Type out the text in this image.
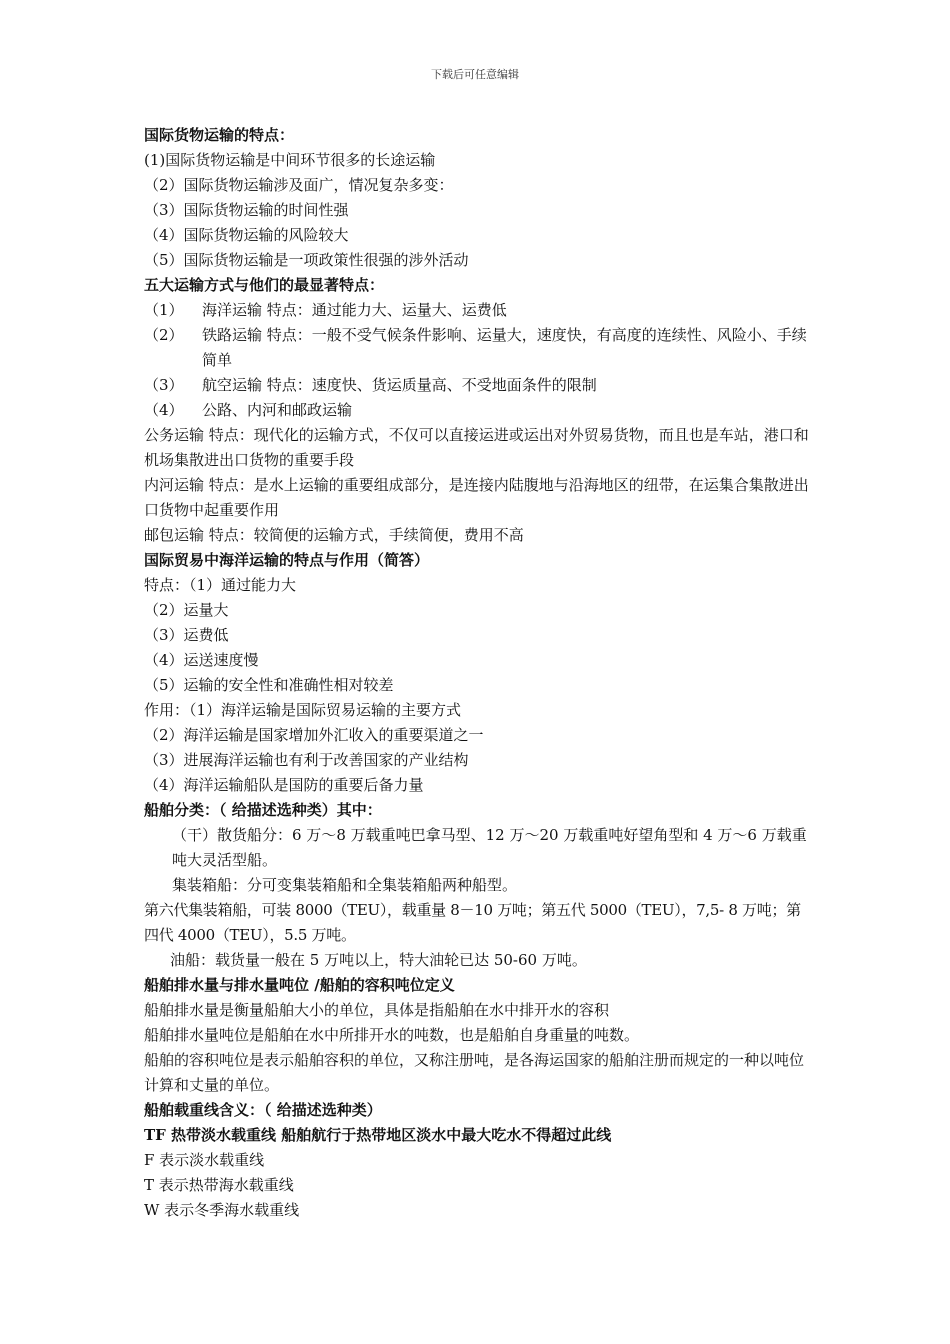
下载后可任意编辑
国际货物运输的特点：
(1)国际货物运输是中间环节很多的长途运输
（2）国际货物运输涉及面广，情况复杂多变：
（3）国际货物运输的时间性强
（4）国际货物运输的风险较大
（5）国际货物运输是一项政策性很强的涉外活动
五大运输方式与他们的最显著特点：
（1）	海洋运输 特点：通过能力大、运量大、运费低
（2）	铁路运输 特点：一般不受气候条件影响、运量大，速度快，有高度的连续性、风险小、手续简单
（3）	航空运输 特点：速度快、货运质量高、不受地面条件的限制
（4）	公路、内河和邮政运输
公务运输 特点：现代化的运输方式，不仅可以直接运进或运出对外贸易货物，而且也是车站，港口和机场集散进出口货物的重要手段
内河运输 特点：是水上运输的重要组成部分，是连接内陆腹地与沿海地区的纽带，在运集合集散进出口货物中起重要作用
邮包运输 特点：较简便的运输方式，手续简便，费用不高
国际贸易中海洋运输的特点与作用（简答）
特点：（1）通过能力大
（2）运量大
（3）运费低
（4）运送速度慢
（5）运输的安全性和准确性相对较差
作用：（1）海洋运输是国际贸易运输的主要方式
（2）海洋运输是国家增加外汇收入的重要渠道之一
（3）进展海洋运输也有利于改善国家的产业结构
（4）海洋运输船队是国防的重要后备力量
船舶分类：（ 给描述选种类）其中：
（干）散货船分：6 万～8 万载重吨巴拿马型、12 万～20 万载重吨好望角型和 4 万～6 万载重吨大灵活型船。
集装箱船：分可变集装箱船和全集装箱船两种船型。
第六代集装箱船，可装 8000（TEU），载重量 8－10 万吨；第五代 5000（TEU），7,5- 8 万吨；第四代 4000（TEU），5.5 万吨。
油船：载货量一般在 5 万吨以上，特大油轮已达 50-60 万吨。
船舶排水量与排水量吨位 /船舶的容积吨位定义
船舶排水量是衡量船舶大小的单位，具体是指船舶在水中排开水的容积
船舶排水量吨位是船舶在水中所排开水的吨数，也是船舶自身重量的吨数。
船舶的容积吨位是表示船舶容积的单位，又称注册吨，是各海运国家的船舶注册而规定的一种以吨位计算和丈量的单位。
船舶载重线含义：（ 给描述选种类）
TF 热带淡水载重线 船舶航行于热带地区淡水中最大吃水不得超过此线
F 表示淡水载重线
T 表示热带海水载重线
W 表示冬季海水载重线
